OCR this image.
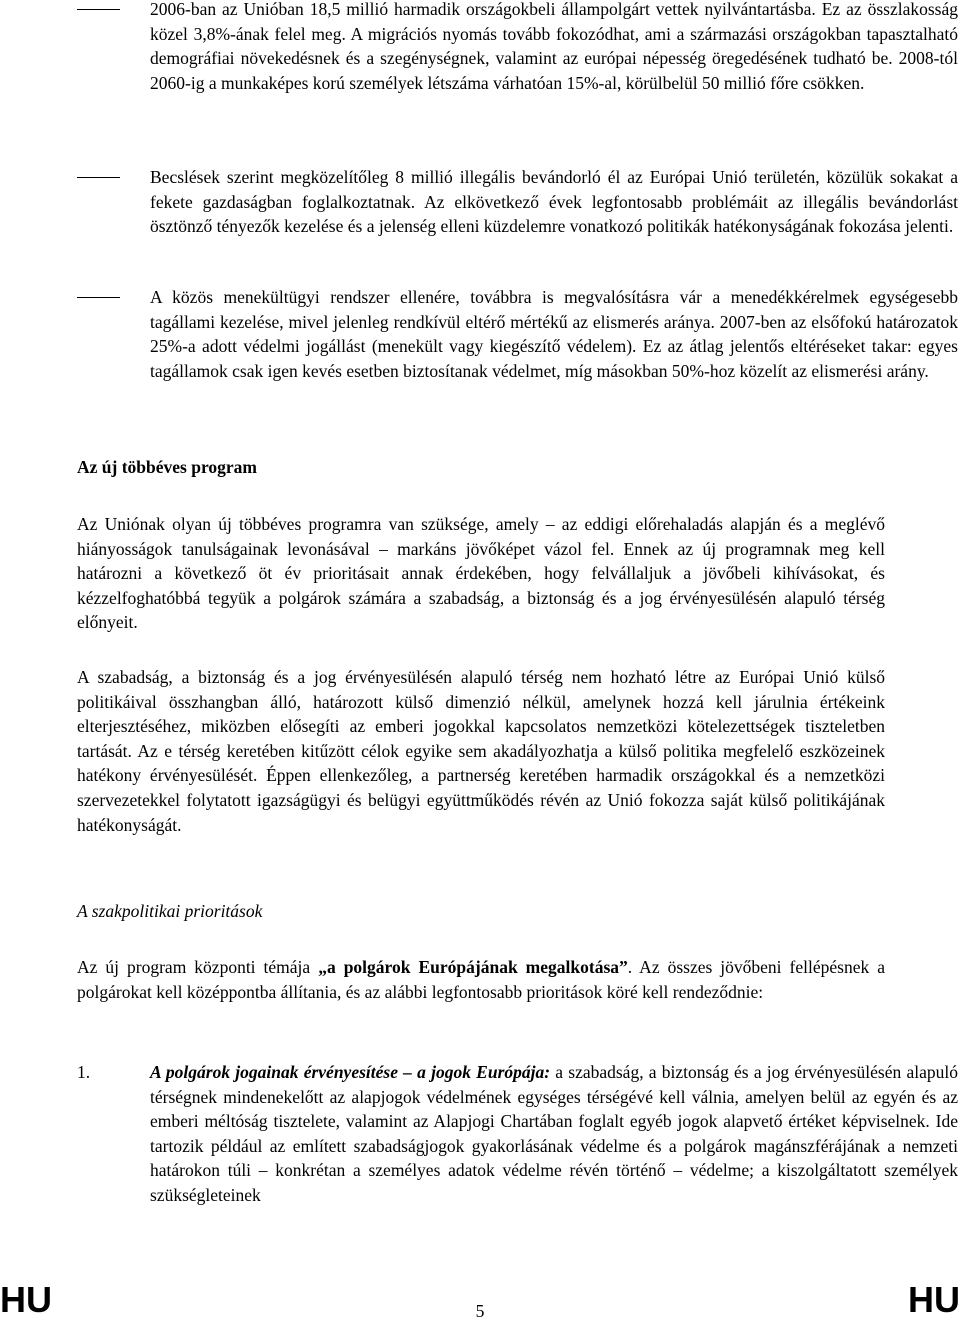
2006-ban az Unióban 18,5 millió harmadik országokbeli állampolgárt vettek nyilvántartásba. Ez az összlakosság közel 3,8%-ának felel meg. A migrációs nyomás tovább fokozódhat, ami a származási országokban tapasztalható demográfiai növekedésnek és a szegénységnek, valamint az európai népesség öregedésének tudható be. 2008-tól 2060-ig a munkaképes korú személyek létszáma várhatóan 15%-al, körülbelül 50 millió főre csökken.

Becslések szerint megközelítőleg 8 millió illegális bevándorló él az Európai Unió területén, közülük sokakat a fekete gazdaságban foglalkoztatnak. Az elkövetkező évek legfontosabb problémáit az illegális bevándorlást ösztönző tényezők kezelése és a jelenség elleni küzdelemre vonatkozó politikák hatékonyságának fokozása jelenti.

A közös menekültügyi rendszer ellenére, továbbra is megvalósításra vár a menedékkérelmek egységesebb tagállami kezelése, mivel jelenleg rendkívül eltérő mértékű az elismerés aránya. 2007-ben az elsőfokú határozatok 25%-a adott védelmi jogállást (menekült vagy kiegészítő védelem). Ez az átlag jelentős eltéréseket takar: egyes tagállamok csak igen kevés esetben biztosítanak védelmet, míg másokban 50%-hoz közelít az elismerési arány.

Az új többéves program

Az Uniónak olyan új többéves programra van szüksége, amely – az eddigi előrehaladás alapján és a meglévő hiányosságok tanulságainak levonásával – markáns jövőképet vázol fel. Ennek az új programnak meg kell határozni a következő öt év prioritásait annak érdekében, hogy felvállaljuk a jövőbeli kihívásokat, és kézzelfoghatóbbá tegyük a polgárok számára a szabadság, a biztonság és a jog érvényesülésén alapuló térség előnyeit.

A szabadság, a biztonság és a jog érvényesülésén alapuló térség nem hozható létre az Európai Unió külső politikáival összhangban álló, határozott külső dimenzió nélkül, amelynek hozzá kell járulnia értékeink elterjesztéséhez, miközben elősegíti az emberi jogokkal kapcsolatos nemzetközi kötelezettségek tiszteletben tartását. Az e térség keretében kitűzött célok egyike sem akadályozhatja a külső politika megfelelő eszközeinek hatékony érvényesülését. Éppen ellenkezőleg, a partnerség keretében harmadik országokkal és a nemzetközi szervezetekkel folytatott igazságügyi és belügyi együttműködés révén az Unió fokozza saját külső politikájának hatékonyságát.

A szakpolitikai prioritások

Az új program központi témája „a polgárok Európájának megalkotása”. Az összes jövőbeni fellépésnek a polgárokat kell középpontba állítania, és az alábbi legfontosabb prioritások köré kell rendeződnie:

1.	A polgárok jogainak érvényesítése – a jogok Európája: a szabadság, a biztonság és a jog érvényesülésén alapuló térségnek mindenekelőtt az alapjogok védelmének egységes térségévé kell válnia, amelyen belül az egyén és az emberi méltóság tisztelete, valamint az Alapjogi Chartában foglalt egyéb jogok alapvető értéket képviselnek. Ide tartozik például az említett szabadságjogok gyakorlásának védelme és a polgárok magánszférájának a nemzeti határokon túli – konkrétan a személyes adatok védelme révén történő – védelme; a kiszolgáltatott személyek szükségleteinek

HU	5	HU
